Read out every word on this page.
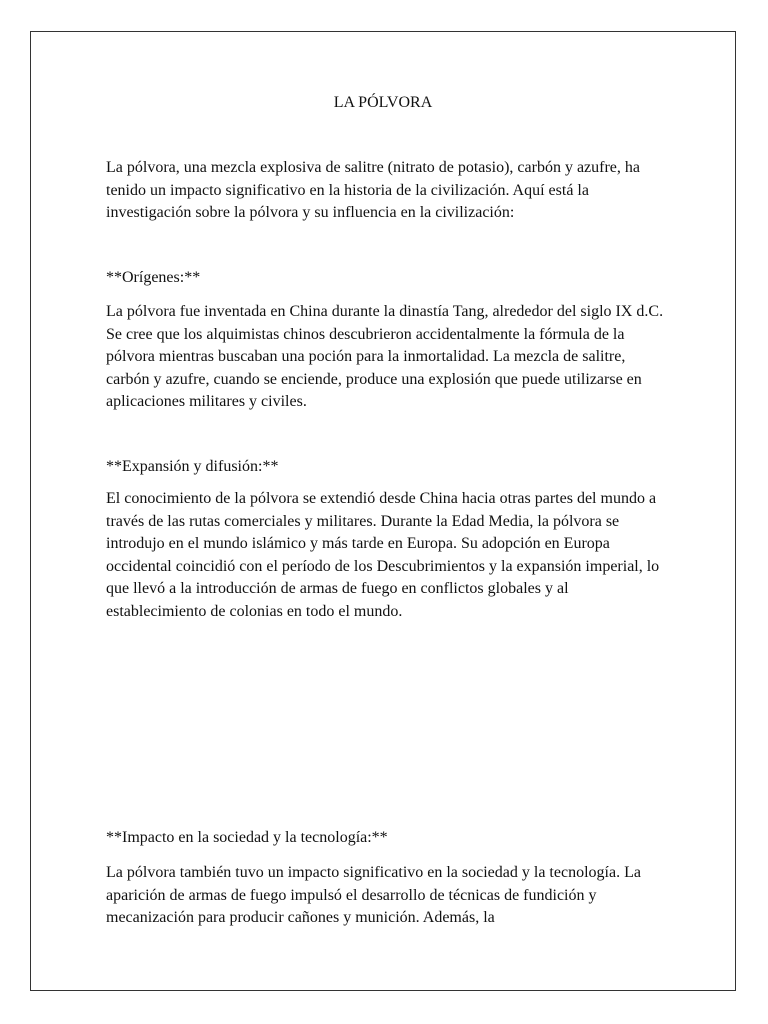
LA PÓLVORA

La pólvora, una mezcla explosiva de salitre (nitrato de potasio), carbón y azufre, ha tenido un impacto significativo en la historia de la civilización. Aquí está la investigación sobre la pólvora y su influencia en la civilización:

**Orígenes:**

La pólvora fue inventada en China durante la dinastía Tang, alrededor del siglo IX d.C. Se cree que los alquimistas chinos descubrieron accidentalmente la fórmula de la pólvora mientras buscaban una poción para la inmortalidad. La mezcla de salitre, carbón y azufre, cuando se enciende, produce una explosión que puede utilizarse en aplicaciones militares y civiles.

**Expansión y difusión:**

El conocimiento de la pólvora se extendió desde China hacia otras partes del mundo a través de las rutas comerciales y militares. Durante la Edad Media, la pólvora se introdujo en el mundo islámico y más tarde en Europa. Su adopción en Europa occidental coincidió con el período de los Descubrimientos y la expansión imperial, lo que llevó a la introducción de armas de fuego en conflictos globales y al establecimiento de colonias en todo el mundo.

**Impacto en la sociedad y la tecnología:**

La pólvora también tuvo un impacto significativo en la sociedad y la tecnología. La aparición de armas de fuego impulsó el desarrollo de técnicas de fundición y mecanización para producir cañones y munición. Además, la
